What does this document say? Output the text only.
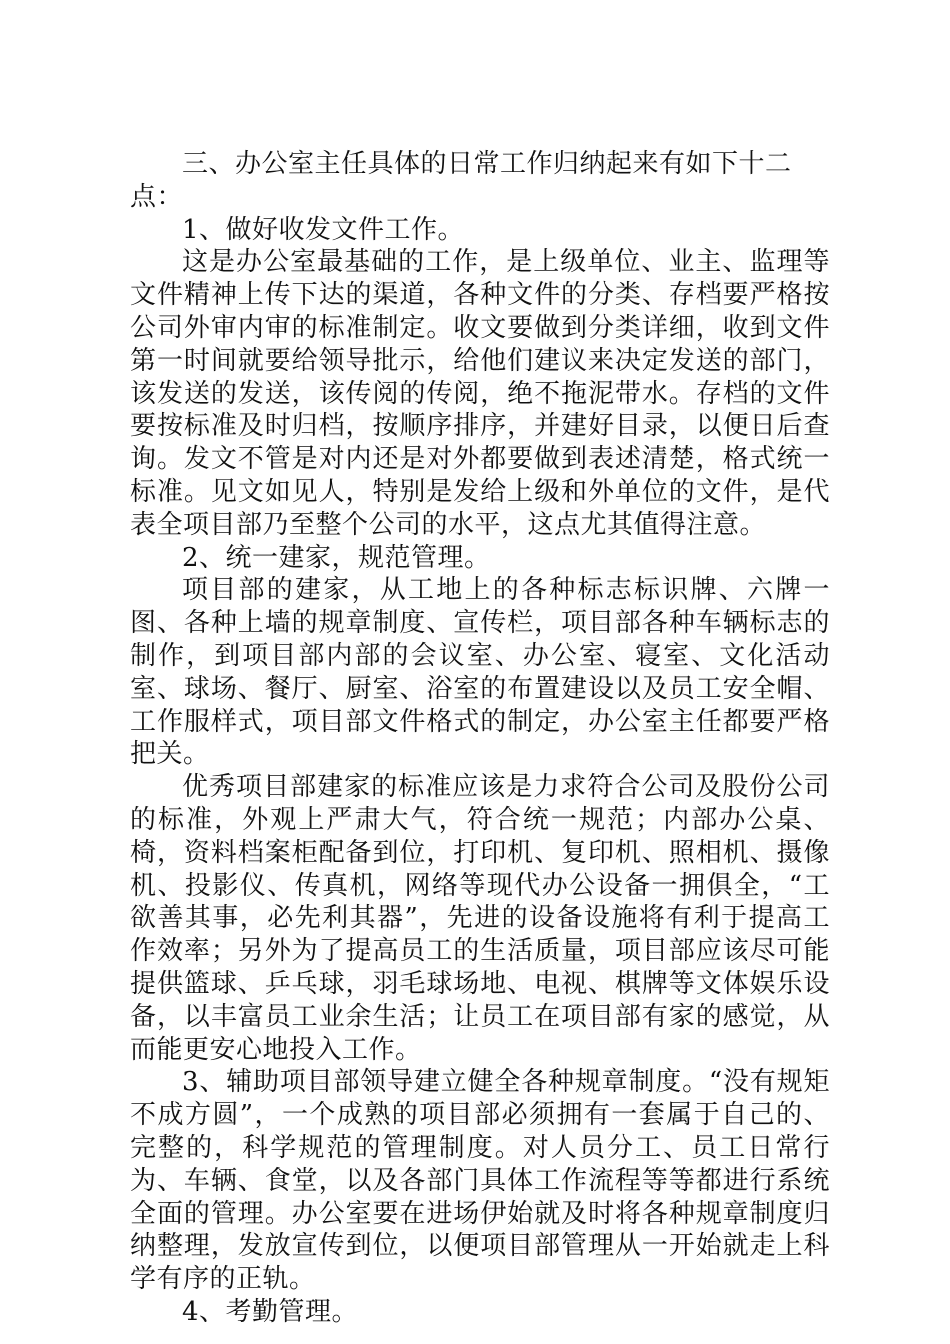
三、办公室主任具体的日常工作归纳起来有如下十二点：

1、做好收发文件工作。

这是办公室最基础的工作，是上级单位、业主、监理等文件精神上传下达的渠道，各种文件的分类、存档要严格按公司外审内审的标准制定。收文要做到分类详细，收到文件第一时间就要给领导批示，给他们建议来决定发送的部门，该发送的发送，该传阅的传阅，绝不拖泥带水。存档的文件要按标准及时归档，按顺序排序，并建好目录，以便日后查询。发文不管是对内还是对外都要做到表述清楚，格式统一标准。见文如见人，特别是发给上级和外单位的文件，是代表全项目部乃至整个公司的水平，这点尤其值得注意。

2、统一建家，规范管理。

项目部的建家，从工地上的各种标志标识牌、六牌一图、各种上墙的规章制度、宣传栏，项目部各种车辆标志的制作，到项目部内部的会议室、办公室、寝室、文化活动室、球场、餐厅、厨室、浴室的布置建设以及员工安全帽、工作服样式，项目部文件格式的制定，办公室主任都要严格把关。

优秀项目部建家的标准应该是力求符合公司及股份公司的标准，外观上严肃大气，符合统一规范；内部办公桌、椅，资料档案柜配备到位，打印机、复印机、照相机、摄像机、投影仪、传真机，网络等现代办公设备一拥俱全，“工欲善其事，必先利其器”，先进的设备设施将有利于提高工作效率；另外为了提高员工的生活质量，项目部应该尽可能提供篮球、乒乓球，羽毛球场地、电视、棋牌等文体娱乐设备，以丰富员工业余生活；让员工在项目部有家的感觉，从而能更安心地投入工作。

3、辅助项目部领导建立健全各种规章制度。“没有规矩不成方圆”，一个成熟的项目部必须拥有一套属于自己的、完整的，科学规范的管理制度。对人员分工、员工日常行为、车辆、食堂，以及各部门具体工作流程等等都进行系统全面的管理。办公室要在进场伊始就及时将各种规章制度归纳整理，发放宣传到位，以便项目部管理从一开始就走上科学有序的正轨。

4、考勤管理。
